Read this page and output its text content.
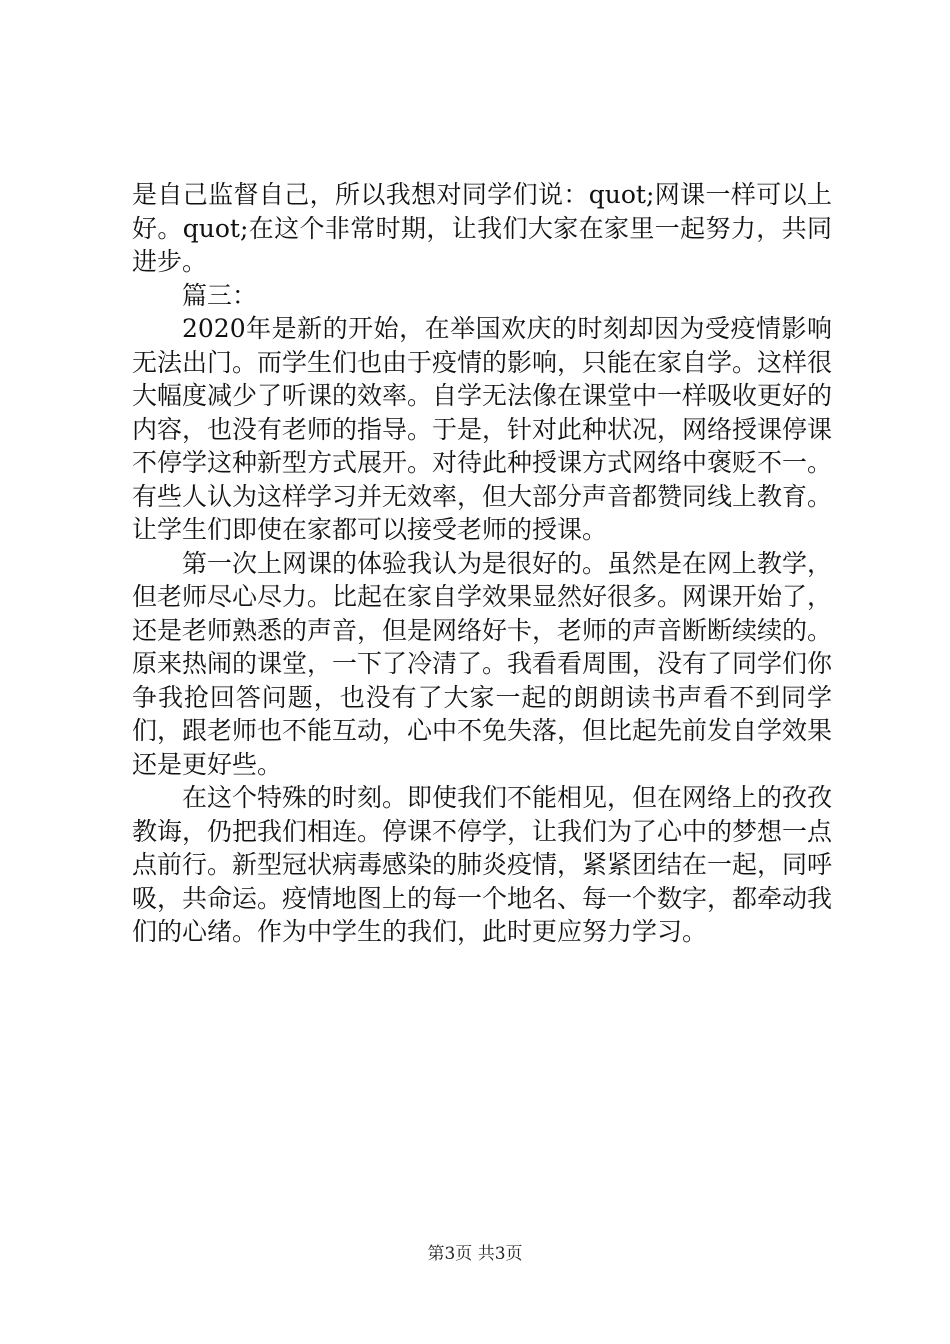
是自己监督自己，所以我想对同学们说：quot;网课一样可以上好。quot;在这个非常时期，让我们大家在家里一起努力，共同进步。

篇三：

2020年是新的开始，在举国欢庆的时刻却因为受疫情影响无法出门。而学生们也由于疫情的影响，只能在家自学。这样很大幅度减少了听课的效率。自学无法像在课堂中一样吸收更好的内容，也没有老师的指导。于是，针对此种状况，网络授课停课不停学这种新型方式展开。对待此种授课方式网络中褒贬不一。有些人认为这样学习并无效率，但大部分声音都赞同线上教育。让学生们即使在家都可以接受老师的授课。

第一次上网课的体验我认为是很好的。虽然是在网上教学，但老师尽心尽力。比起在家自学效果显然好很多。网课开始了，还是老师熟悉的声音，但是网络好卡，老师的声音断断续续的。原来热闹的课堂，一下了冷清了。我看看周围，没有了同学们你争我抢回答问题，也没有了大家一起的朗朗读书声看不到同学们，跟老师也不能互动，心中不免失落，但比起先前发自学效果还是更好些。

在这个特殊的时刻。即使我们不能相见，但在网络上的孜孜教诲，仍把我们相连。停课不停学，让我们为了心中的梦想一点点前行。新型冠状病毒感染的肺炎疫情，紧紧团结在一起，同呼吸，共命运。疫情地图上的每一个地名、每一个数字，都牵动我们的心绪。作为中学生的我们，此时更应努力学习。

第3页 共3页
